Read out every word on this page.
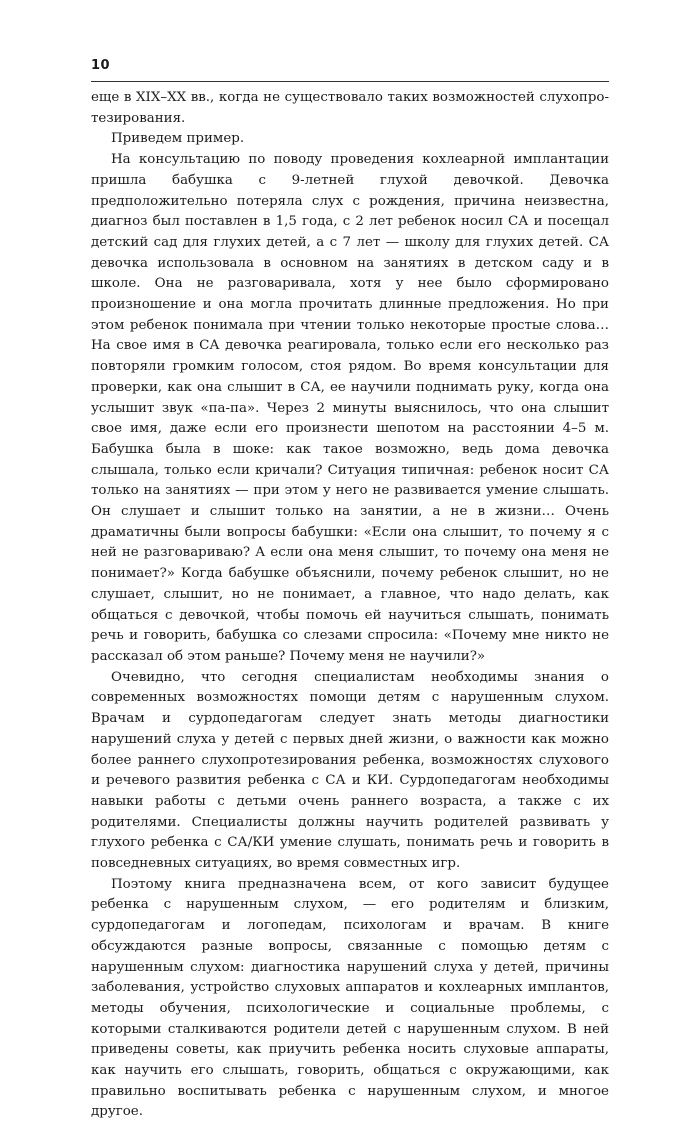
10

еще в XIX–XX вв., когда не существовало таких возможностей слухопротезирования.

Приведем пример.

На консультацию по поводу проведения кохлеарной имплантации пришла бабушка с 9-летней глухой девочкой. Девочка предположительно потеряла слух с рождения, причина неизвестна, диагноз был поставлен в 1,5 года, с 2 лет ребенок носил СА и посещал детский сад для глухих детей, а с 7 лет — школу для глухих детей. СА девочка использовала в основном на занятиях в детском саду и в школе. Она не разговаривала, хотя у нее было сформировано произношение и она могла прочитать длинные предложения. Но при этом ребенок понимала при чтении только некоторые простые слова… На свое имя в СА девочка реагировала, только если его несколько раз повторяли громким голосом, стоя рядом. Во время консультации для проверки, как она слышит в СА, ее научили поднимать руку, когда она услышит звук «па-па». Через 2 минуты выяснилось, что она слышит свое имя, даже если его произнести шепотом на расстоянии 4–5 м. Бабушка была в шоке: как такое возможно, ведь дома девочка слышала, только если кричали? Ситуация типичная: ребенок носит СА только на занятиях — при этом у него не развивается умение слышать. Он слушает и слышит только на занятии, а не в жизни… Очень драматичны были вопросы бабушки: «Если она слышит, то почему я с ней не разговариваю? А если она меня слышит, то почему она меня не понимает?» Когда бабушке объяснили, почему ребенок слышит, но не слушает, слышит, но не понимает, а главное, что надо делать, как общаться с девочкой, чтобы помочь ей научиться слышать, понимать речь и говорить, бабушка со слезами спросила: «Почему мне никто не рассказал об этом раньше? Почему меня не научили?»

Очевидно, что сегодня специалистам необходимы знания о современных возможностях помощи детям с нарушенным слухом. Врачам и сурдопедагогам следует знать методы диагностики нарушений слуха у детей с первых дней жизни, о важности как можно более раннего слухопротезирования ребенка, возможностях слухового и речевого развития ребенка с СА и КИ. Сурдопедагогам необходимы навыки работы с детьми очень раннего возраста, а также с их родителями. Специалисты должны научить родителей развивать у глухого ребенка с СА/КИ умение слушать, понимать речь и говорить в повседневных ситуациях, во время совместных игр.

Поэтому книга предназначена всем, от кого зависит будущее ребенка с нарушенным слухом, — его родителям и близким, сурдопедагогам и логопедам, психологам и врачам. В книге обсуждаются разные вопросы, связанные с помощью детям с нарушенным слухом: диагностика нарушений слуха у детей, причины заболевания, устройство слуховых аппаратов и кохлеарных имплантов, методы обучения, психологические и социальные проблемы, с которыми сталкиваются родители детей с нарушенным слухом. В ней приведены советы, как приучить ребенка носить слуховые аппараты, как научить его слышать, говорить, общаться с окружающими, как правильно воспитывать ребенка с нарушенным слухом, и многое другое.
